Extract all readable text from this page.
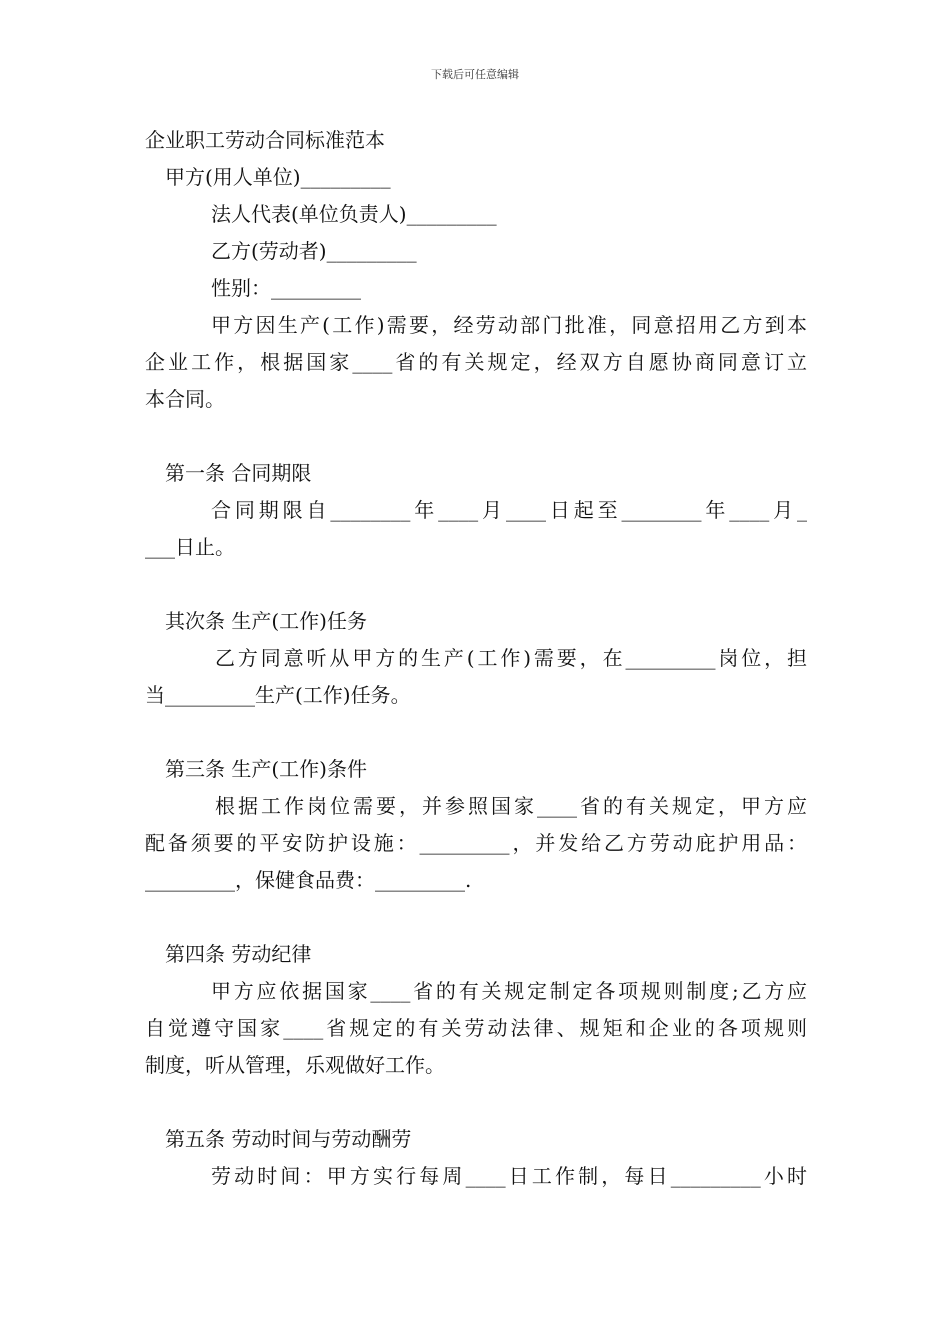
下载后可任意编辑
企业职工劳动合同标准范本
甲方(用人单位)_________
法人代表(单位负责人)_________
乙方(劳动者)_________
性别：_________
甲方因生产(工作)需要，经劳动部门批准，同意招用乙方到本
企业工作，根据国家____省的有关规定，经双方自愿协商同意订立
本合同。
第一条 合同期限
合同期限自________年____月____日起至________年____月_
___日止。
其次条 生产(工作)任务
乙方同意听从甲方的生产(工作)需要，在_________岗位，担
当_________生产(工作)任务。
第三条 生产(工作)条件
根据工作岗位需要，并参照国家____省的有关规定，甲方应
配备须要的平安防护设施：_________，并发给乙方劳动庇护用品：
_________，保健食品费：_________.
第四条 劳动纪律
甲方应依据国家____省的有关规定制定各项规则制度;乙方应
自觉遵守国家____省规定的有关劳动法律、规矩和企业的各项规则
制度，听从管理，乐观做好工作。
第五条 劳动时间与劳动酬劳
劳动时间：甲方实行每周____日工作制，每日_________小时
